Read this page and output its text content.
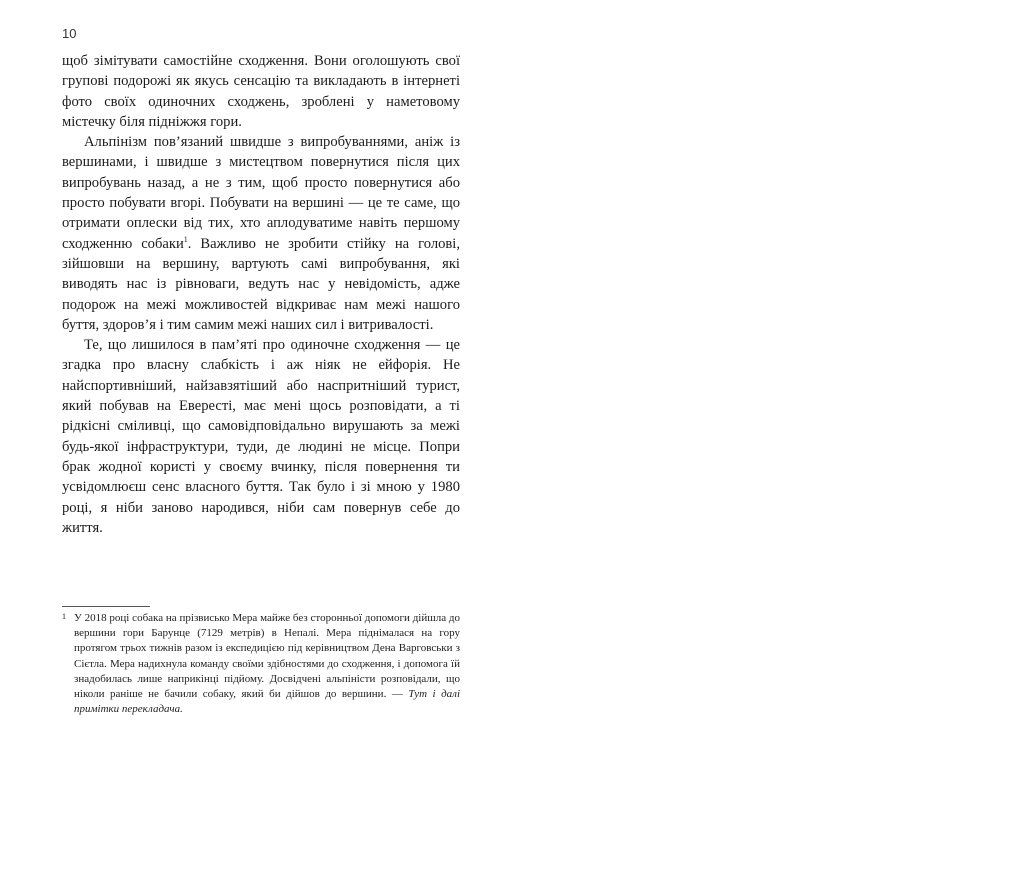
10

щоб зімітувати самостійне сходження. Вони оголошують свої групові подорожі як якусь сенсацію та викладають в інтернеті фото своїх одиночних сходжень, зроблені у наметовому містечку біля підніжжя гори.

Альпінізм пов’язаний швидше з випробуваннями, аніж із вершинами, і швидше з мистецтвом повернутися після цих випробувань назад, а не з тим, щоб просто повернутися або просто побувати вгорі. Побувати на вершині — це те саме, що отримати оплески від тих, хто аплодуватиме навіть першому сходженню собаки$^1$. Важливо не зробити стійку на голові, зійшовши на вершину, вартують самі випробування, які виводять нас із рівноваги, ведуть нас у невідомість, адже подорож на межі можливостей відкриває нам межі нашого буття, здоров’я і тим самим межі наших сил і витривалості.

Те, що лишилося в пам’яті про одиночне сходження — це згадка про власну слабкість і аж ніяк не ейфорія. Не найспортивніший, найзавзятіший або наспритніший турист, який побував на Евересті, має мені щось розповідати, а ті рідкісні сміливці, що самовідповідально вирушають за межі будь-якої інфраструктури, туди, де людині не місце. Попри брак жодної користі у своєму вчинку, після повернення ти усвідомлюєш сенс власного буття. Так було і зі мною у 1980 році, я ніби заново народився, ніби сам повернув себе до життя.

1 У 2018 році собака на прізвисько Мера майже без сторонньої допомоги дійшла до вершини гори Барунце (7129 метрів) в Непалі. Мера піднімалася на гору протягом трьох тижнів разом із експедицією під керівництвом Дена Варговськи з Сієтла. Мера надихнула команду своїми здібностями до сходження, і допомога їй знадобилась лише наприкінці підйому. Досвідчені альпіністи розповідали, що ніколи раніше не бачили собаку, який би дійшов до вершини. — Тут і далі примітки перекладача.
